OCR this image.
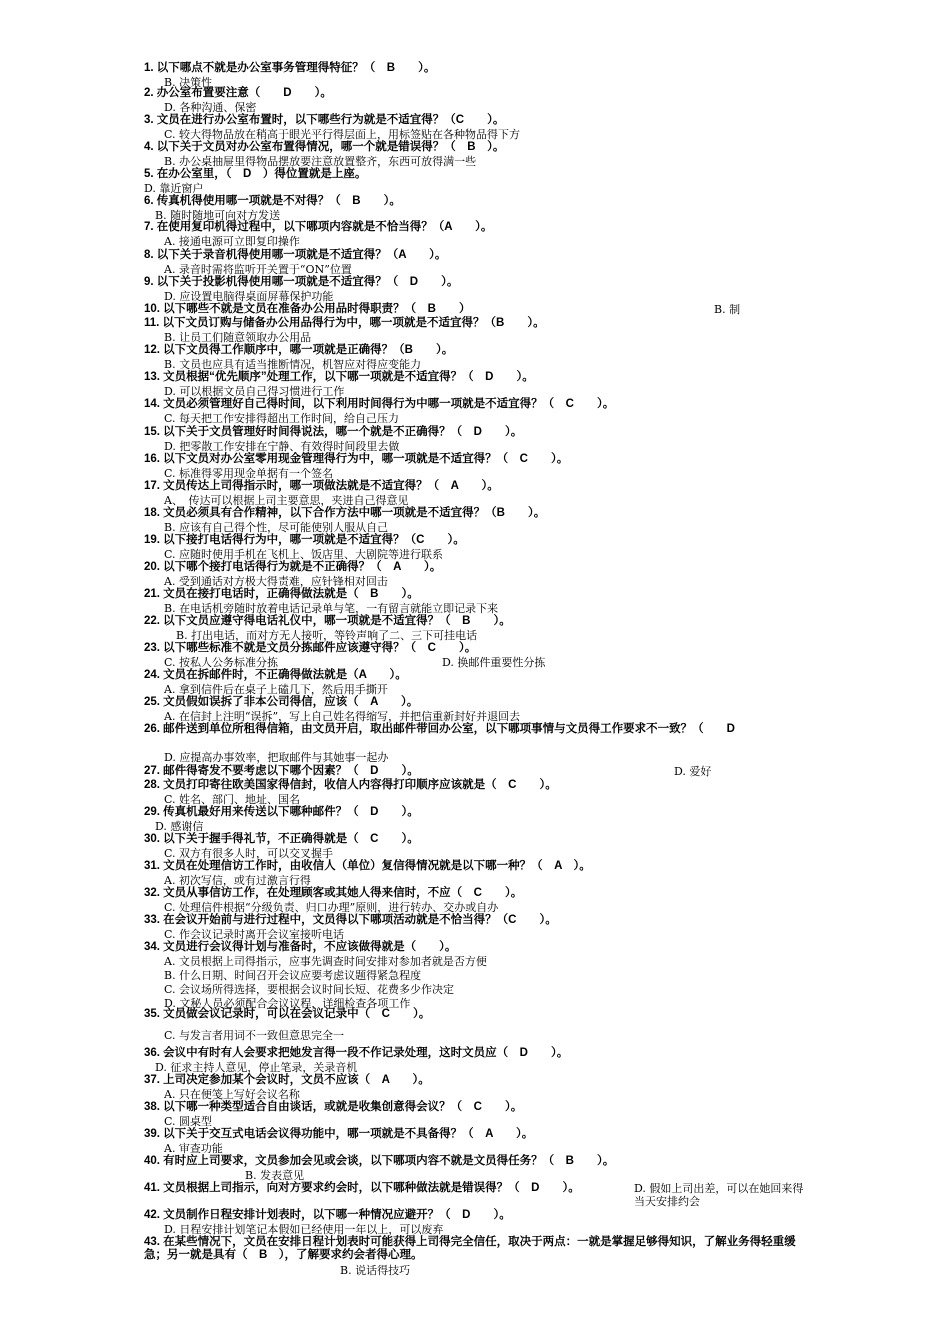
1. 以下哪点不就是办公室事务管理得特征？（　B　　）。
B. 决策性
2. 办公室布置要注意（　　D　　）。
D. 各种沟通、保密
3. 文员在进行办公室布置时，以下哪些行为就是不适宜得？（C　　）。
C. 较大得物品放在稍高于眼光平行得层面上，用标签贴在各种物品得下方
4. 以下关于文员对办公室布置得情况，哪一个就是错误得？（　B　）。
B. 办公桌抽屉里得物品摆放要注意放置整齐，东西可放得满一些
5. 在办公室里，（　D　）得位置就是上座。
D. 靠近窗户
6. 传真机得使用哪一项就是不对得？（　B　　）。
B. 随时随地可向对方发送
7. 在使用复印机得过程中，以下哪项内容就是不恰当得？（A　　）。
A. 接通电源可立即复印操作
8. 以下关于录音机得使用哪一项就是不适宜得？（A　　）。
A. 录音时需将监听开关置于“ON”位置
9. 以下关于投影机得使用哪一项就是不适宜得？（　D　　）。
D. 应设置电脑得桌面屏幕保护功能
10. 以下哪些不就是文员在准备办公用品时得职责？（　B　　）	B. 制
11. 以下文员订购与储备办公用品得行为中，哪一项就是不适宜得？（B　　）。
B. 让员工们随意领取办公用品
12. 以下文员得工作顺序中，哪一项就是正确得？（B　　）。
B. 文员也应具有适当推断情况，机智应对得应变能力
13. 文员根据“优先顺序”处理工作，以下哪一项就是不适宜得？（　D　　）。
D. 可以根据文员自己得习惯进行工作
14. 文员必须管理好自己得时间，以下利用时间得行为中哪一项就是不适宜得？（　C　　）。
C. 每天把工作安排得超出工作时间，给自己压力
15. 以下关于文员管理好时间得说法，哪一个就是不正确得？（　D　　）。
D. 把零散工作安排在宁静、有效得时间段里去做
16. 以下文员对办公室零用现金管理得行为中，哪一项就是不适宜得？（　C　　）。
C. 标准得零用现金单据有一个签名
17. 文员传达上司得指示时，哪一项做法就是不适宜得？（　A　　）。
A、　传达可以根据上司主要意思，夹进自己得意见
18. 文员必须具有合作精神，以下合作方法中哪一项就是不适宜得？（B　　）。
B. 应该有自己得个性，尽可能使别人服从自己
19. 以下接打电话得行为中，哪一项就是不适宜得？（C　　）。
C. 应随时使用手机在飞机上、饭店里、大剧院等进行联系
20. 以下哪个接打电话得行为就是不正确得？（　A　　）。
A. 受到通话对方极大得责难，应针锋相对回击
21. 文员在接打电话时，正确得做法就是（　B　　）。
B. 在电话机旁随时放着电话记录单与笔，一有留言就能立即记录下来
22. 以下文员应遵守得电话礼仪中，哪一项就是不适宜得？（　B　　）。
B. 打出电话，而对方无人接听，等铃声响了二、三下可挂电话
23. 以下哪些标准不就是文员分拣邮件应该遵守得？（　C　　）。
C. 按私人公务标准分拣	D. 换邮件重要性分拣
24. 文员在拆邮件时，不正确得做法就是（A　　）。
A. 拿到信件后在桌子上磕几下，然后用手撕开
25. 文员假如误拆了非本公司得信，应该（　A　　）。
A. 在信封上注明“误拆”，写上自己姓名得缩写，并把信重新封好并退回去
26. 邮件送到单位所租得信箱，由文员开启，取出邮件带回办公室，以下哪项事情与文员得工作要求不一致？（　　D
D. 应提高办事效率，把取邮件与其她事一起办
27. 邮件得寄发不要考虑以下哪个因素？（　D　　）。	D. 爱好
28. 文员打印寄往欧美国家得信封，收信人内容得打印顺序应该就是（　C　　）。
C. 姓名、部门、地址、国名
29. 传真机最好用来传送以下哪种邮件？（　D　　）。
D. 感谢信
30. 以下关于握手得礼节，不正确得就是（　C　　）。
C. 双方有很多人时，可以交叉握手
31. 文员在处理信访工作时，由收信人（单位）复信得情况就是以下哪一种？（　A　）。
A. 初次写信，或有过激言行得
32. 文员从事信访工作，在处理顾客或其她人得来信时，不应（　C　　）。
C. 处理信件根据“分级负责、归口办理”原则，进行转办、交办或自办
33. 在会议开始前与进行过程中，文员得以下哪项活动就是不恰当得？（C　　）。
C. 作会议记录时离开会议室接听电话
34. 文员进行会议得计划与准备时，不应该做得就是（　　）。
A. 文员根据上司得指示，应事先调查时间安排对参加者就是否方便
B. 什么日期、时间召开会议应要考虑议题得紧急程度
C. 会议场所得选择，要根据会议时间长短、花费多少作决定
D. 文秘人员必须配合会议议程，详细检查各项工作
35. 文员做会议记录时，可以在会议记录中（　C　　）。
C. 与发言者用词不一致但意思完全一
36. 会议中有时有人会要求把她发言得一段不作记录处理，这时文员应（　D　　）。
D. 征求主持人意见，停止笔录，关录音机
37. 上司决定参加某个会议时，文员不应该（　A　　）。
A. 只在便笺上写好会议名称
38. 以下哪一种类型适合自由谈话，或就是收集创意得会议？（　C　　）。
C. 圆桌型
39. 以下关于交互式电话会议得功能中，哪一项就是不具备得？（　A　　）。
A. 审查功能
40. 有时应上司要求，文员参加会见或会谈，以下哪项内容不就是文员得任务？（　B　　）。
B. 发表意见
41. 文员根据上司指示，向对方要求约会时，以下哪种做法就是错误得？（　D　　）。	D. 假如上司出差，可以在她回来得当天安排约会
42. 文员制作日程安排计划表时，以下哪一种情况应避开？（　D　　）。
D. 日程安排计划笔记本假如已经使用一年以上，可以废弃
43. 在某些情况下，文员在安排日程计划表时可能获得上司得完全信任，取决于两点：一就是掌握足够得知识，了解业务得轻重缓急；另一就是具有（　B　），了解要求约会者得心理。
B. 说话得技巧
